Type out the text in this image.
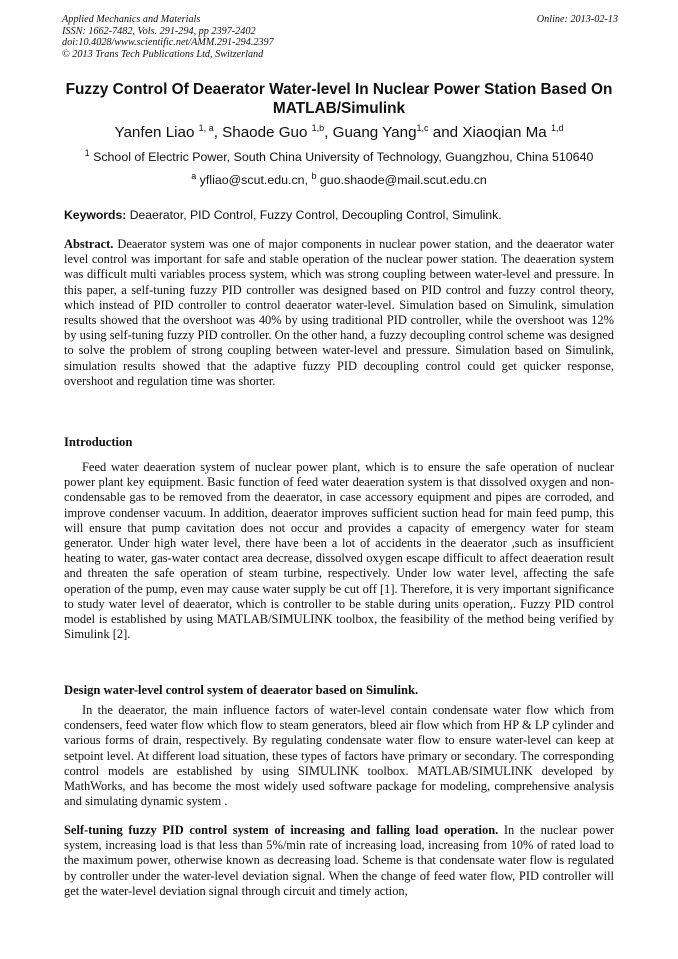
Applied Mechanics and Materials
ISSN: 1662-7482, Vols. 291-294, pp 2397-2402
doi:10.4028/www.scientific.net/AMM.291-294.2397
© 2013 Trans Tech Publications Ltd, Switzerland
Online: 2013-02-13
Fuzzy Control Of Deaerator Water-level In Nuclear Power Station Based On MATLAB/Simulink
Yanfen Liao $^{1, a}$, Shaode Guo $^{1,b}$, Guang Yang$^{1,c}$ and Xiaoqian Ma $^{1,d}$
$^1$ School of Electric Power, South China University of Technology, Guangzhou, China 510640
$^a$ yfliao@scut.edu.cn, $^b$ guo.shaode@mail.scut.edu.cn
Keywords: Deaerator, PID Control, Fuzzy Control, Decoupling Control, Simulink.

Abstract. Deaerator system was one of major components in nuclear power station, and the deaerator water level control was important for safe and stable operation of the nuclear power station. The deaeration system was difficult multi variables process system, which was strong coupling between water-level and pressure. In this paper, a self-tuning fuzzy PID controller was designed based on PID control and fuzzy control theory, which instead of PID controller to control deaerator water-level. Simulation based on Simulink, simulation results showed that the overshoot was 40% by using traditional PID controller, while the overshoot was 12% by using self-tuning fuzzy PID controller. On the other hand, a fuzzy decoupling control scheme was designed to solve the problem of strong coupling between water-level and pressure. Simulation based on Simulink, simulation results showed that the adaptive fuzzy PID decoupling control could get quicker response, overshoot and regulation time was shorter.

Introduction

Feed water deaeration system of nuclear power plant, which is to ensure the safe operation of nuclear power plant key equipment. Basic function of feed water deaeration system is that dissolved oxygen and non-condensable gas to be removed from the deaerator, in case accessory equipment and pipes are corroded, and improve condenser vacuum. In addition, deaerator improves sufficient suction head for main feed pump, this will ensure that pump cavitation does not occur and provides a capacity of emergency water for steam generator. Under high water level, there have been a lot of accidents in the deaerator ,such as insufficient heating to water, gas-water contact area decrease, dissolved oxygen escape difficult to affect deaeration result and threaten the safe operation of steam turbine, respectively. Under low water level, affecting the safe operation of the pump, even may cause water supply be cut off [1]. Therefore, it is very important significance to study water level of deaerator, which is controller to be stable during units operation,. Fuzzy PID control model is established by using MATLAB/SIMULINK toolbox, the feasibility of the method being verified by Simulink [2].

Design water-level control system of deaerator based on Simulink.

In the deaerator, the main influence factors of water-level contain condensate water flow which from condensers, feed water flow which flow to steam generators, bleed air flow which from HP & LP cylinder and various forms of drain, respectively. By regulating condensate water flow to ensure water-level can keep at setpoint level. At different load situation, these types of factors have primary or secondary. The corresponding control models are established by using SIMULINK toolbox. MATLAB/SIMULINK developed by MathWorks, and has become the most widely used software package for modeling, comprehensive analysis and simulating dynamic system .

Self-tuning fuzzy PID control system of increasing and falling load operation. In the nuclear power system, increasing load is that less than 5%/min rate of increasing load, increasing from 10% of rated load to the maximum power, otherwise known as decreasing load. Scheme is that condensate water flow is regulated by controller under the water-level deviation signal. When the change of feed water flow, PID controller will get the water-level deviation signal through circuit and timely action,
